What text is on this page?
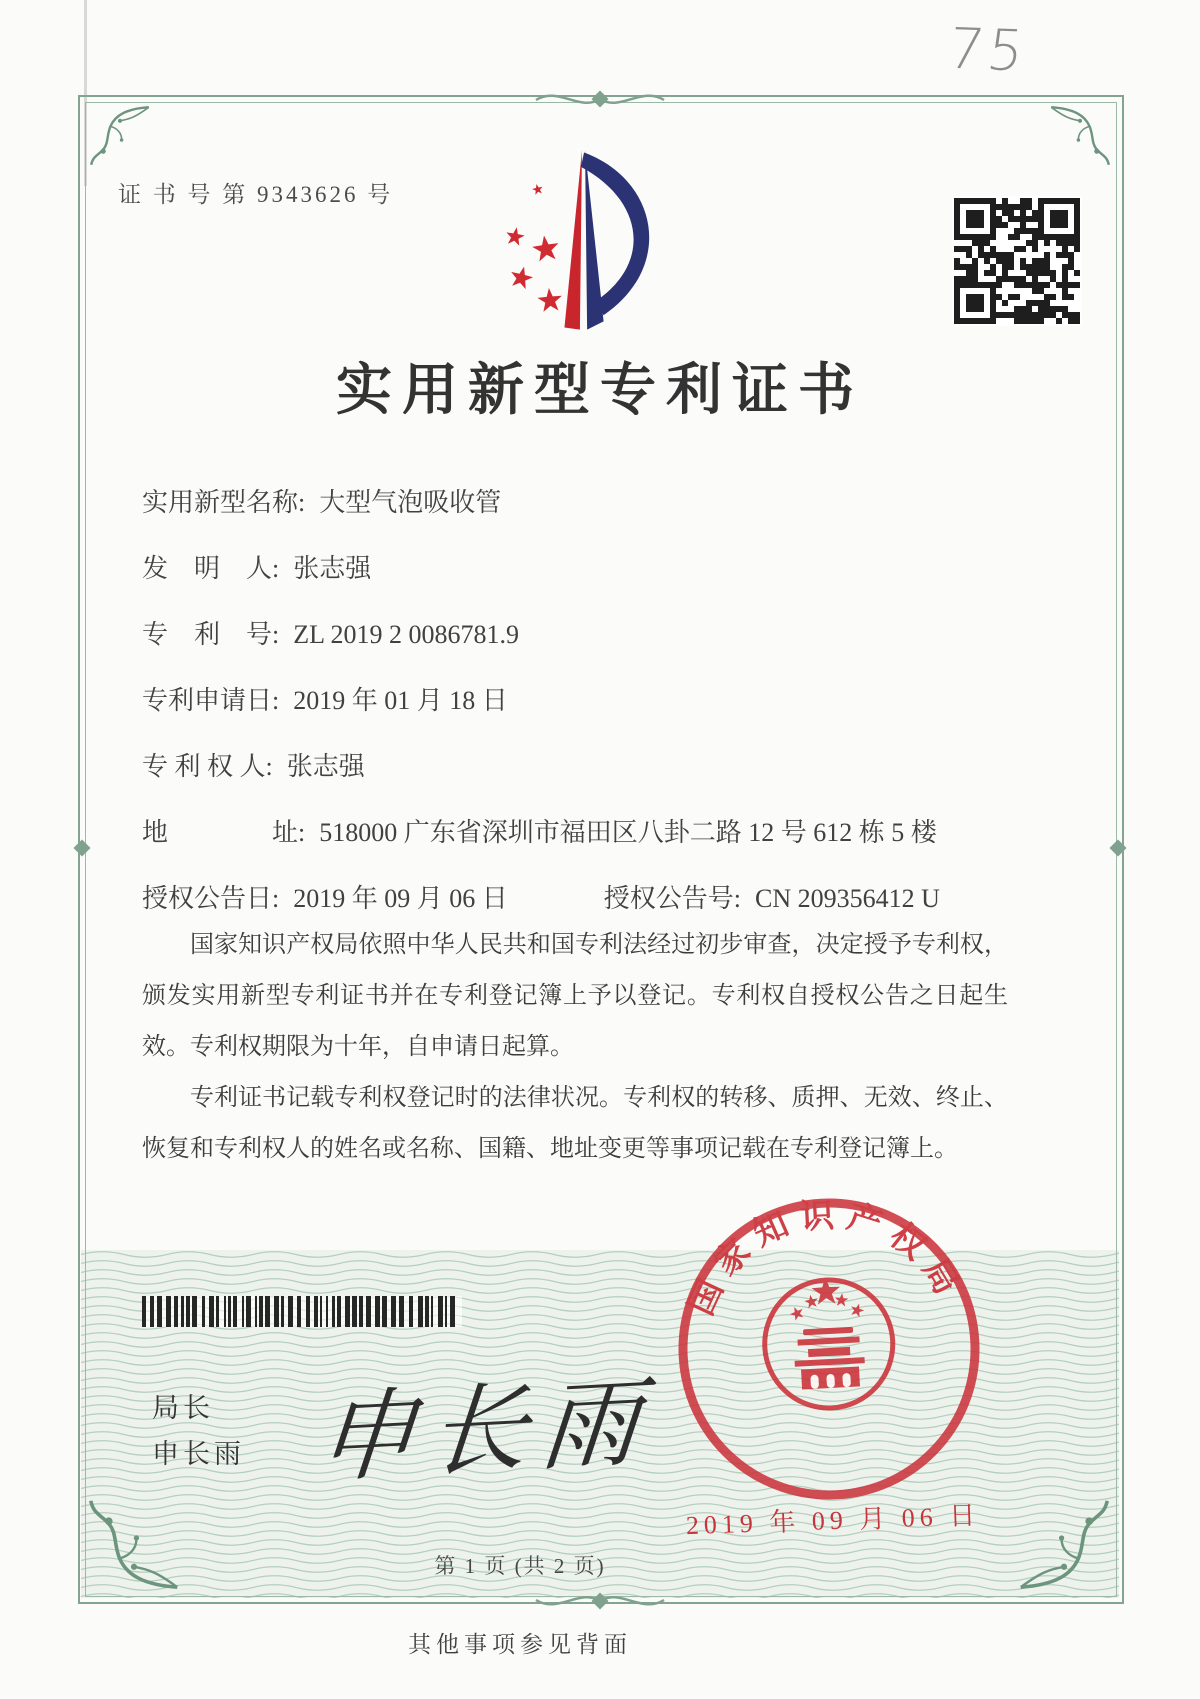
75
证 书 号 第 9343626 号
实用新型专利证书
实用新型名称: 大型气泡吸收管
发　明　人: 张志强
专　利　号: ZL 2019 2 0086781.9
专利申请日: 2019 年 01 月 18 日
专 利 权 人: 张志强
地　　　　址: 518000 广东省深圳市福田区八卦二路 12 号 612 栋 5 楼
授权公告日: 2019 年 09 月 06 日	授权公告号: CN 209356412 U

国家知识产权局依照中华人民共和国专利法经过初步审查，决定授予专利权，颁发实用新型专利证书并在专利登记簿上予以登记。专利权自授权公告之日起生效。专利权期限为十年，自申请日起算。

专利证书记载专利权登记时的法律状况。专利权的转移、质押、无效、终止、恢复和专利权人的姓名或名称、国籍、地址变更等事项记载在专利登记簿上。

局长
申长雨 申长雨
国家知识产权局
2019 年 09 月 06 日
第 1 页 (共 2 页)
其他事项参见背面
